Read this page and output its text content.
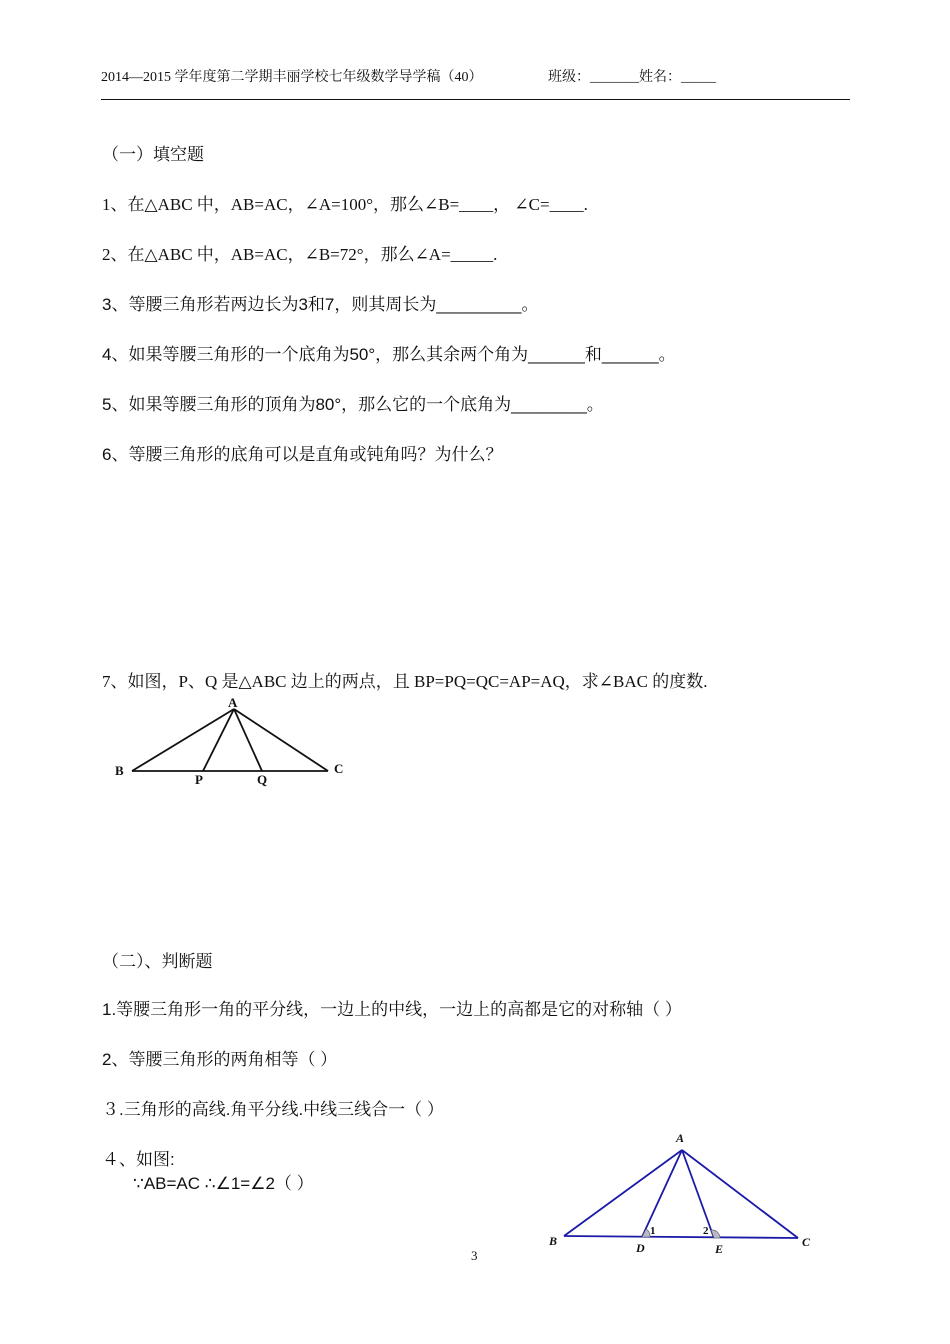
2014—2015 学年度第二学期丰丽学校七年级数学导学稿（40）	班级：_______姓名：_____
（一）填空题
1、在△ABC 中，AB=AC，∠A=100°，那么∠B=____， ∠C=____.
2、在△ABC 中，AB=AC，∠B=72°，那么∠A=_____.
3、等腰三角形若两边长为3和7，则其周长为_________。
4、如果等腰三角形的一个底角为50°，那么其余两个角为______和______。
5、如果等腰三角形的顶角为80°，那么它的一个底角为________。
6、等腰三角形的底角可以是直角或钝角吗？为什么？
7、如图，P、Q 是△ABC 边上的两点，且 BP=PQ=QC=AP=AQ，求∠BAC 的度数.
A
B	C
P	Q
（二）、判断题
1.等腰三角形一角的平分线，一边上的中线，一边上的高都是它的对称轴（ ）
2、等腰三角形的两角相等（ ）
３.三角形的高线.角平分线.中线三线合一（ ）
４、如图:
∵AB=AC ∴∠1=∠2（ ）
A
B	C
D	E
1	2
3
